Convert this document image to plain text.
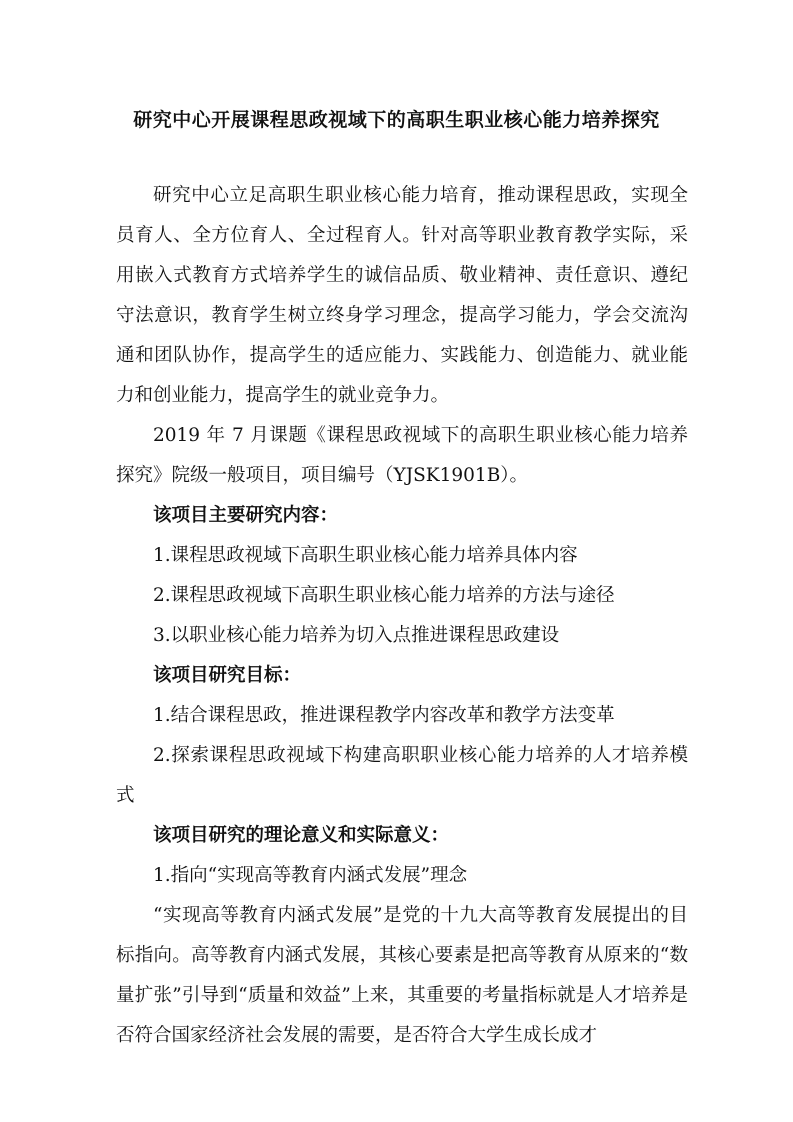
研究中心开展课程思政视域下的高职生职业核心能力培养探究

研究中心立足高职生职业核心能力培育，推动课程思政，实现全员育人、全方位育人、全过程育人。针对高等职业教育教学实际，采用嵌入式教育方式培养学生的诚信品质、敬业精神、责任意识、遵纪守法意识，教育学生树立终身学习理念，提高学习能力，学会交流沟通和团队协作，提高学生的适应能力、实践能力、创造能力、就业能力和创业能力，提高学生的就业竞争力。

2019 年 7 月课题《课程思政视域下的高职生职业核心能力培养探究》院级一般项目，项目编号（YJSK1901B）。

该项目主要研究内容：

1.课程思政视域下高职生职业核心能力培养具体内容

2.课程思政视域下高职生职业核心能力培养的方法与途径

3.以职业核心能力培养为切入点推进课程思政建设

该项目研究目标：

1.结合课程思政，推进课程教学内容改革和教学方法变革

2.探索课程思政视域下构建高职职业核心能力培养的人才培养模式

该项目研究的理论意义和实际意义：

1.指向“实现高等教育内涵式发展”理念

“实现高等教育内涵式发展”是党的十九大高等教育发展提出的目标指向。高等教育内涵式发展，其核心要素是把高等教育从原来的“数量扩张”引导到“质量和效益”上来，其重要的考量指标就是人才培养是否符合国家经济社会发展的需要，是否符合大学生成长成才
